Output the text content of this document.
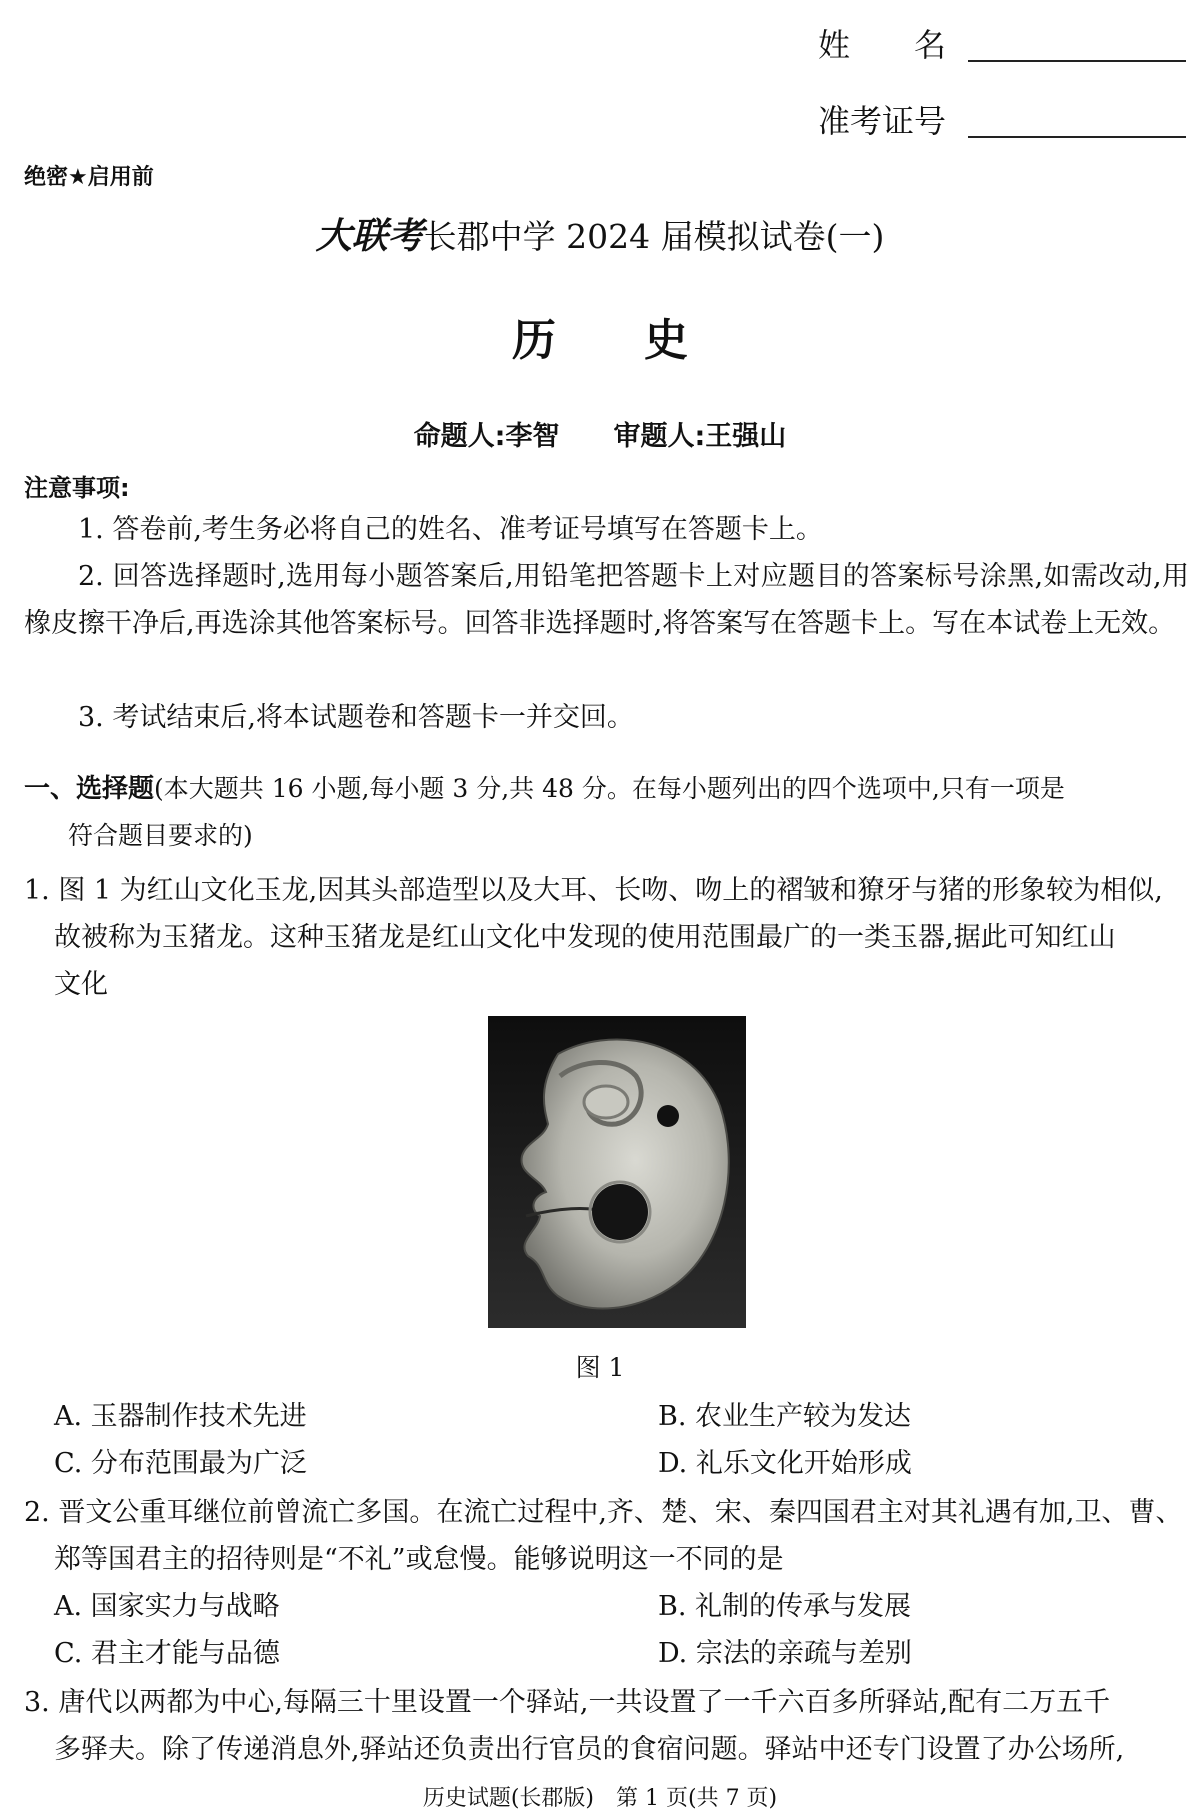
姓　　名
准考证号
绝密★启用前
大联考长郡中学 2024 届模拟试卷(一)
历　　史
命题人:李智　　审题人:王强山
注意事项:
1. 答卷前,考生务必将自己的姓名、准考证号填写在答题卡上。
2. 回答选择题时,选用每小题答案后,用铅笔把答题卡上对应题目的答案标号涂黑,如需改动,用橡皮擦干净后,再选涂其他答案标号。回答非选择题时,将答案写在答题卡上。写在本试卷上无效。
3. 考试结束后,将本试题卷和答题卡一并交回。
一、选择题(本大题共 16 小题,每小题 3 分,共 48 分。在每小题列出的四个选项中,只有一项是
符合题目要求的)
1. 图 1 为红山文化玉龙,因其头部造型以及大耳、长吻、吻上的褶皱和獠牙与猪的形象较为相似,
故被称为玉猪龙。这种玉猪龙是红山文化中发现的使用范围最广的一类玉器,据此可知红山
文化
图 1
A. 玉器制作技术先进	B. 农业生产较为发达
C. 分布范围最为广泛	D. 礼乐文化开始形成
2. 晋文公重耳继位前曾流亡多国。在流亡过程中,齐、楚、宋、秦四国君主对其礼遇有加,卫、曹、
郑等国君主的招待则是“不礼”或怠慢。能够说明这一不同的是
A. 国家实力与战略	B. 礼制的传承与发展
C. 君主才能与品德	D. 宗法的亲疏与差别
3. 唐代以两都为中心,每隔三十里设置一个驿站,一共设置了一千六百多所驿站,配有二万五千
多驿夫。除了传递消息外,驿站还负责出行官员的食宿问题。驿站中还专门设置了办公场所,
历史试题(长郡版)　第 1 页(共 7 页)
